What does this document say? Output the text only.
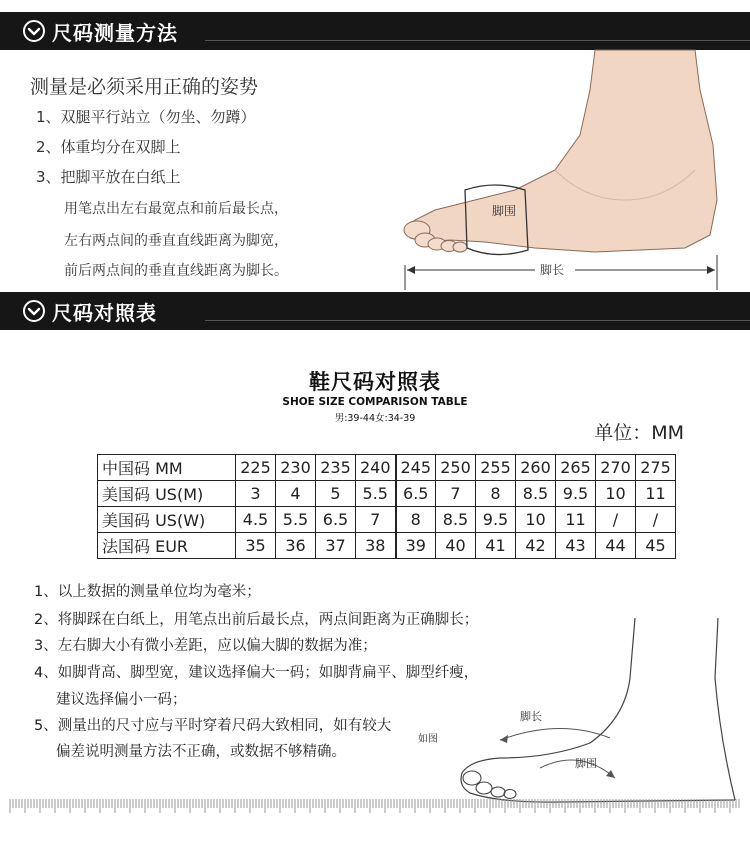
尺码测量方法
测量是必须采用正确的姿势
1、双腿平行站立（勿坐、勿蹲）
2、体重均分在双脚上
3、把脚平放在白纸上
用笔点出左右最宽点和前后最长点，
左右两点间的垂直直线距离为脚宽，
前后两点间的垂直直线距离为脚长。
脚围
脚长
尺码对照表
鞋尺码对照表
SHOE SIZE COMPARISON TABLE
男:39-44女:34-39
单位：MM
中国码 MM	225	230	235	240	245	250	255	260	265	270	275
美国码 US(M)	3	4	5	5.5	6.5	7	8	8.5	9.5	10	11
美国码 US(W)	4.5	5.5	6.5	7	8	8.5	9.5	10	11	/	/
法国码 EUR	35	36	37	38	39	40	41	42	43	44	45
1、以上数据的测量单位均为毫米；
2、将脚踩在白纸上，用笔点出前后最长点，两点间距离为正确脚长；
3、左右脚大小有微小差距，应以偏大脚的数据为准；
4、如脚背高、脚型宽，建议选择偏大一码；如脚背扁平、脚型纤瘦，
建议选择偏小一码；
5、测量出的尺寸应与平时穿着尺码大致相同，如有较大
偏差说明测量方法不正确，或数据不够精确。
脚长
脚围
如图
